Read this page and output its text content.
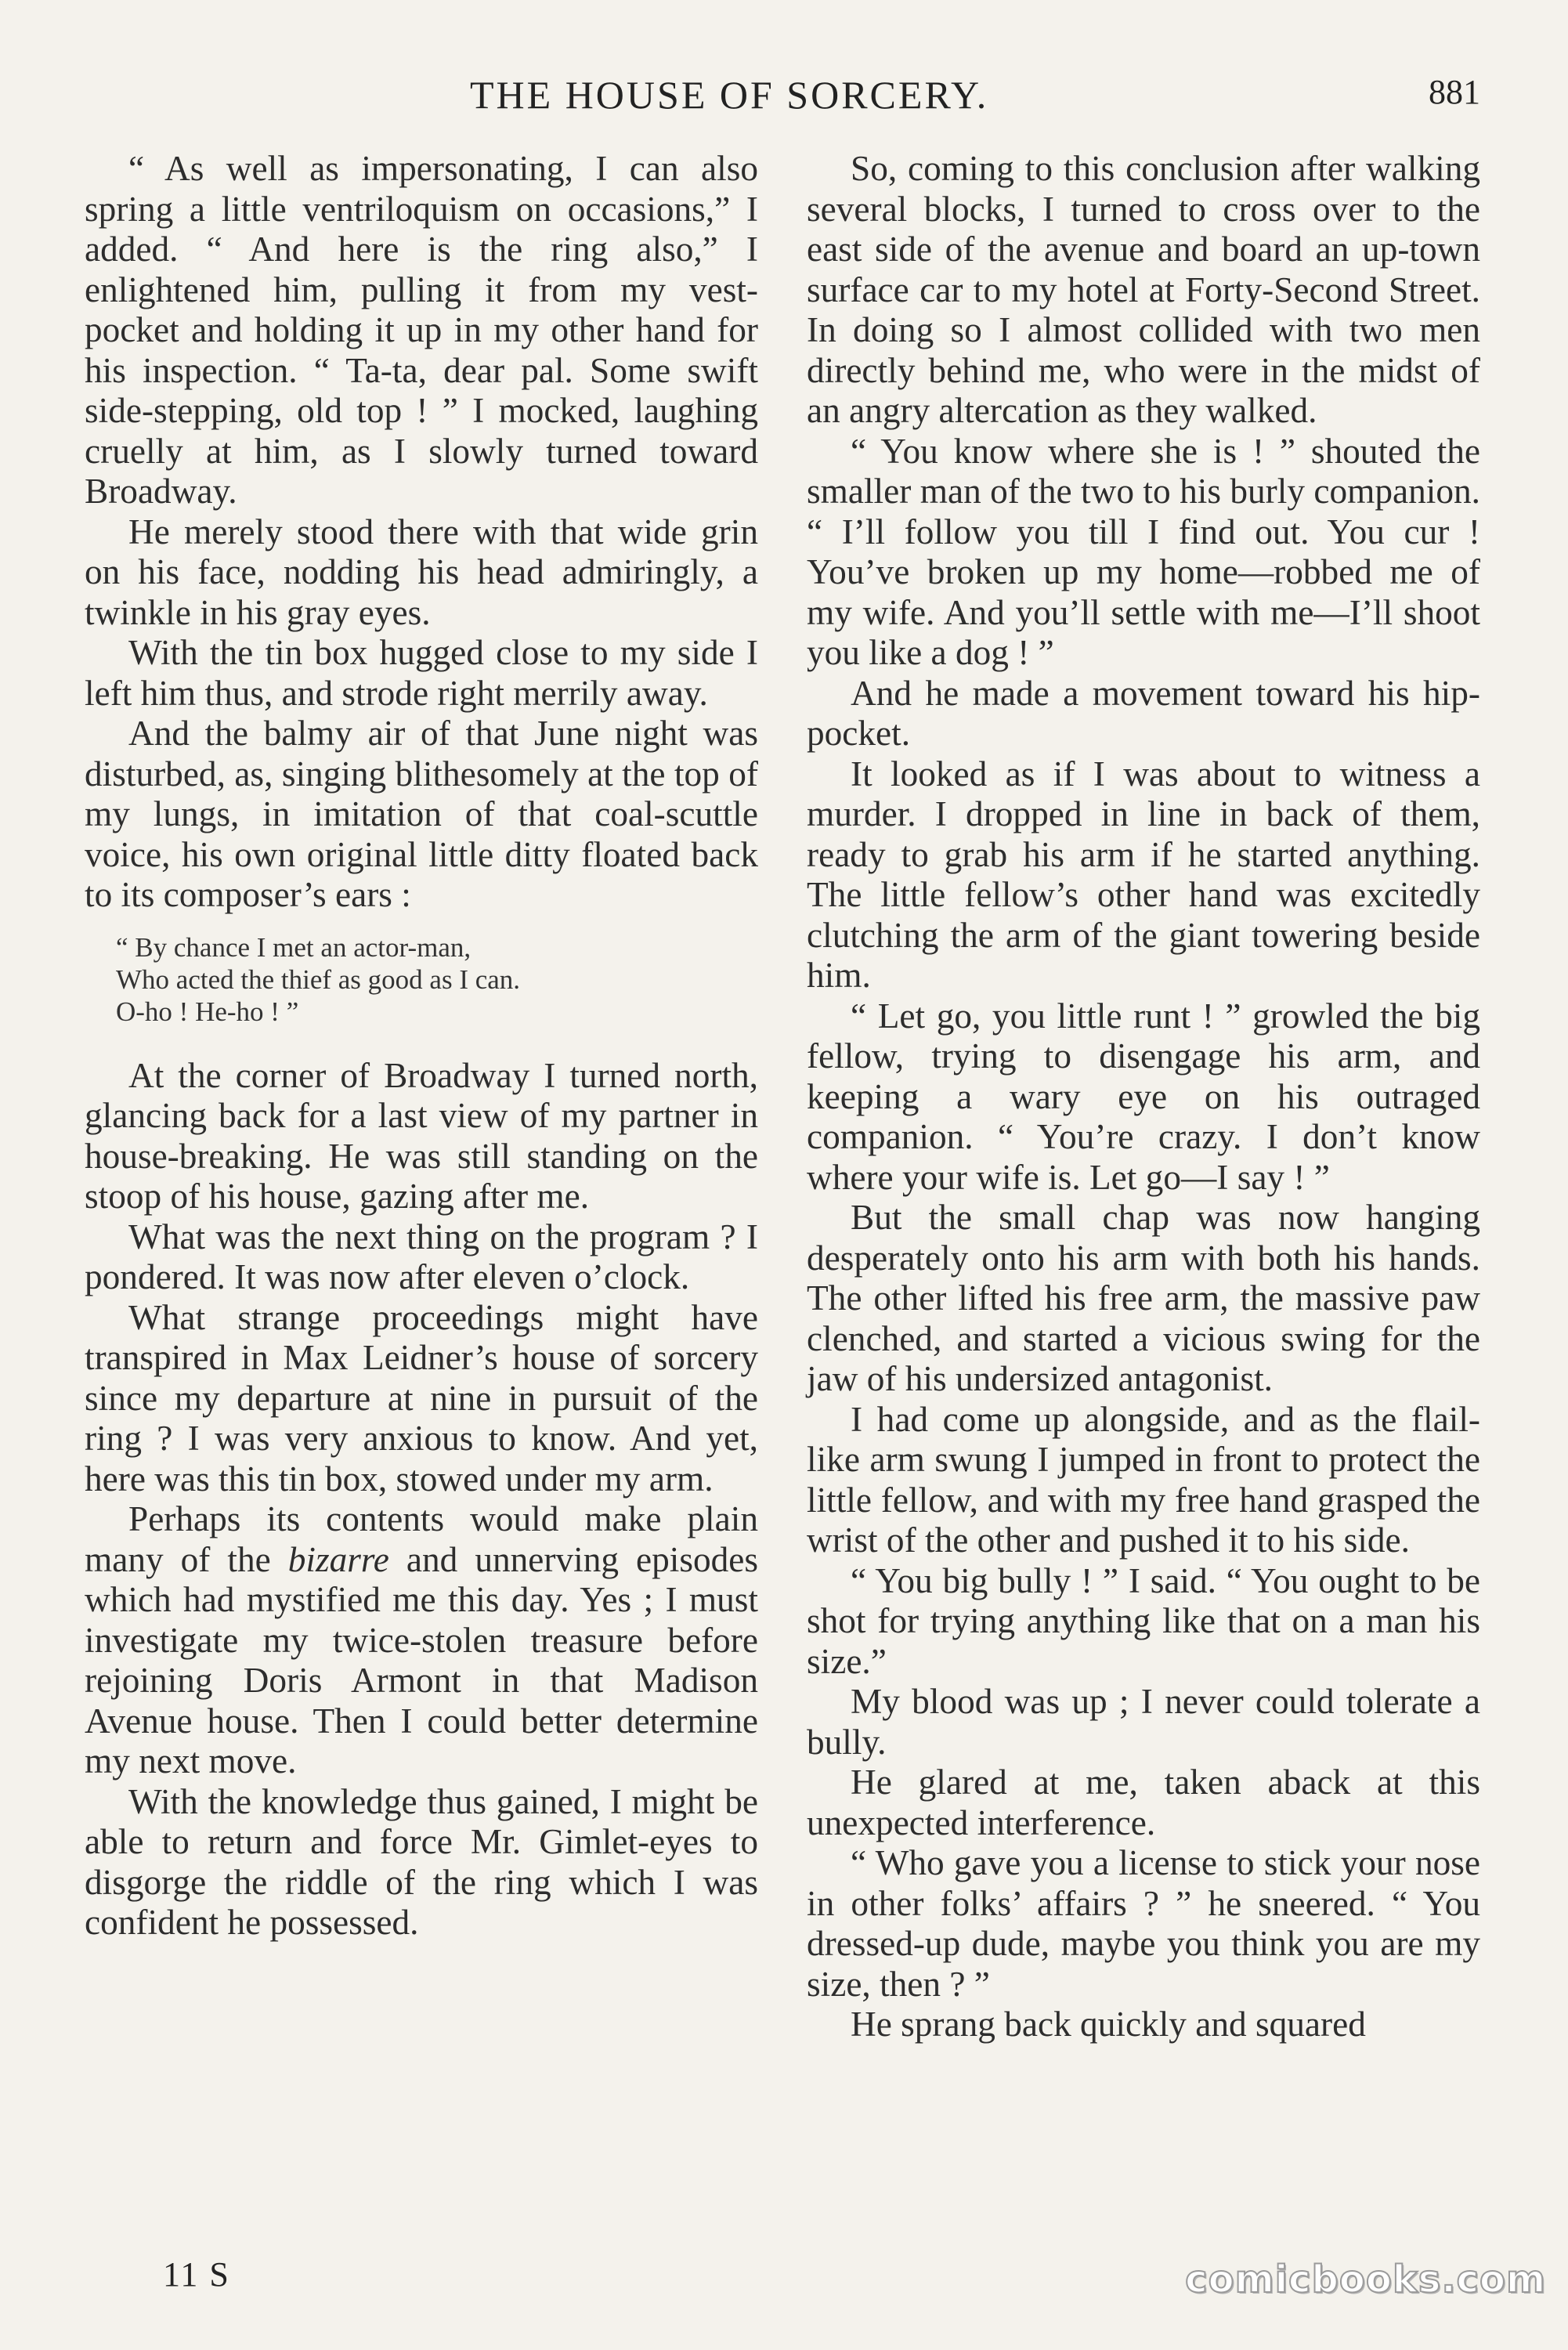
THE HOUSE OF SORCERY.	881

“ As well as impersonating, I can also spring a little ventriloquism on occasions,” I added. “ And here is the ring also,” I enlightened him, pulling it from my vest-pocket and holding it up in my other hand for his inspection. “ Ta-ta, dear pal. Some swift side-stepping, old top ! ” I mocked, laughing cruelly at him, as I slowly turned toward Broadway.

He merely stood there with that wide grin on his face, nodding his head admiringly, a twinkle in his gray eyes.

With the tin box hugged close to my side I left him thus, and strode right merrily away.

And the balmy air of that June night was disturbed, as, singing blithesomely at the top of my lungs, in imitation of that coal-scuttle voice, his own original little ditty floated back to its composer’s ears :

“ By chance I met an actor-man,
Who acted the thief as good as I can.
O-ho ! He-ho ! ”

At the corner of Broadway I turned north, glancing back for a last view of my partner in house-breaking. He was still standing on the stoop of his house, gazing after me.

What was the next thing on the program ? I pondered. It was now after eleven o’clock.

What strange proceedings might have transpired in Max Leidner’s house of sorcery since my departure at nine in pursuit of the ring ? I was very anxious to know. And yet, here was this tin box, stowed under my arm.

Perhaps its contents would make plain many of the bizarre and unnerving episodes which had mystified me this day. Yes ; I must investigate my twice-stolen treasure before rejoining Doris Armont in that Madison Avenue house. Then I could better determine my next move.

With the knowledge thus gained, I might be able to return and force Mr. Gimlet-eyes to disgorge the riddle of the ring which I was confident he possessed.

So, coming to this conclusion after walking several blocks, I turned to cross over to the east side of the avenue and board an up-town surface car to my hotel at Forty-Second Street. In doing so I almost collided with two men directly behind me, who were in the midst of an angry altercation as they walked.

“ You know where she is ! ” shouted the smaller man of the two to his burly companion. “ I’ll follow you till I find out. You cur ! You’ve broken up my home—robbed me of my wife. And you’ll settle with me—I’ll shoot you like a dog ! ”

And he made a movement toward his hip-pocket.

It looked as if I was about to witness a murder. I dropped in line in back of them, ready to grab his arm if he started anything. The little fellow’s other hand was excitedly clutching the arm of the giant towering beside him.

“ Let go, you little runt ! ” growled the big fellow, trying to disengage his arm, and keeping a wary eye on his outraged companion. “ You’re crazy. I don’t know where your wife is. Let go—I say ! ”

But the small chap was now hanging desperately onto his arm with both his hands. The other lifted his free arm, the massive paw clenched, and started a vicious swing for the jaw of his undersized antagonist.

I had come up alongside, and as the flail-like arm swung I jumped in front to protect the little fellow, and with my free hand grasped the wrist of the other and pushed it to his side.

“ You big bully ! ” I said. “ You ought to be shot for trying anything like that on a man his size.”

My blood was up ; I never could tolerate a bully.

He glared at me, taken aback at this unexpected interference.

“ Who gave you a license to stick your nose in other folks’ affairs ? ” he sneered. “ You dressed-up dude, maybe you think you are my size, then ? ”

He sprang back quickly and squared

11 S	comicbooks.com
